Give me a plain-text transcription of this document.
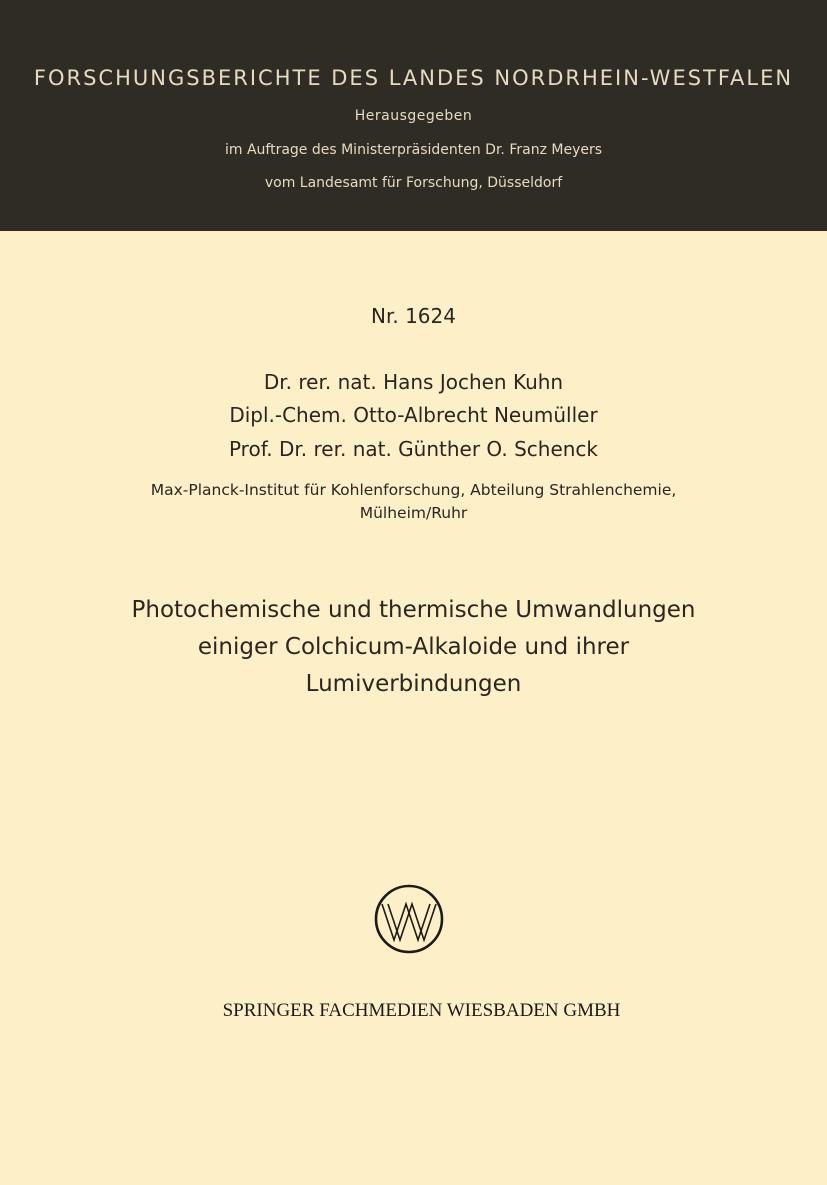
FORSCHUNGSBERICHTE DES LANDES NORDRHEIN-WESTFALEN
Herausgegeben
im Auftrage des Ministerpräsidenten Dr. Franz Meyers
vom Landesamt für Forschung, Düsseldorf
Nr. 1624
Dr. rer. nat. Hans Jochen Kuhn
Dipl.-Chem. Otto-Albrecht Neumüller
Prof. Dr. rer. nat. Günther O. Schenck
Max-Planck-Institut für Kohlenforschung, Abteilung Strahlenchemie,
Mülheim/Ruhr
Photochemische und thermische Umwandlungen
einiger Colchicum-Alkaloide und ihrer
Lumiverbindungen
SPRINGER FACHMEDIEN WIESBADEN GMBH
